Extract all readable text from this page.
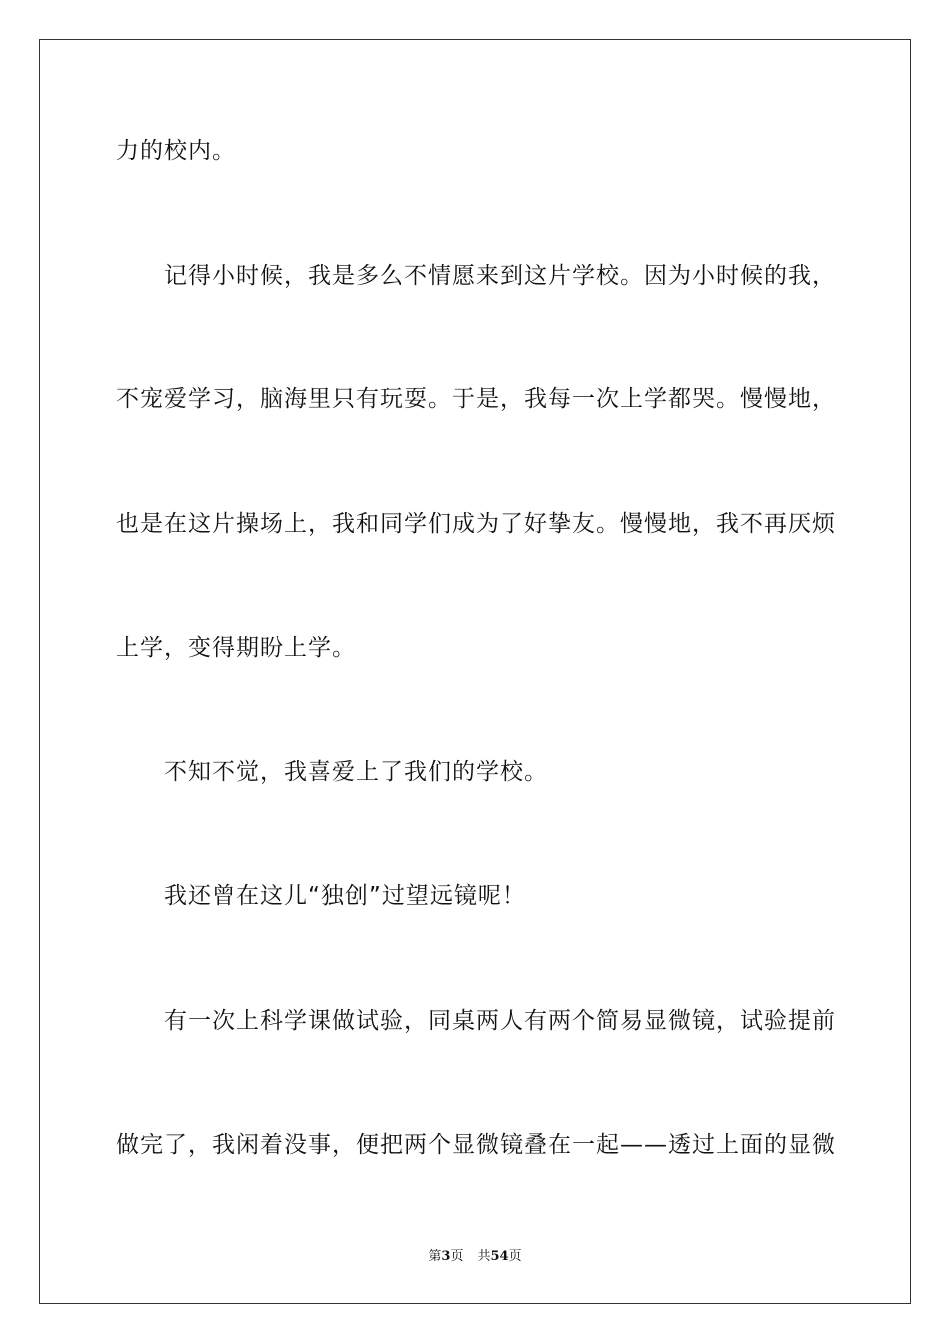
力的校内。
记得小时候，我是多么不情愿来到这片学校。因为小时候的我，
不宠爱学习，脑海里只有玩耍。于是，我每一次上学都哭。慢慢地，
也是在这片操场上，我和同学们成为了好挚友。慢慢地，我不再厌烦
上学，变得期盼上学。
不知不觉，我喜爱上了我们的学校。
我还曾在这儿“独创”过望远镜呢！
有一次上科学课做试验，同桌两人有两个简易显微镜，试验提前
做完了，我闲着没事，便把两个显微镜叠在一起——透过上面的显微
第3页 共54页
